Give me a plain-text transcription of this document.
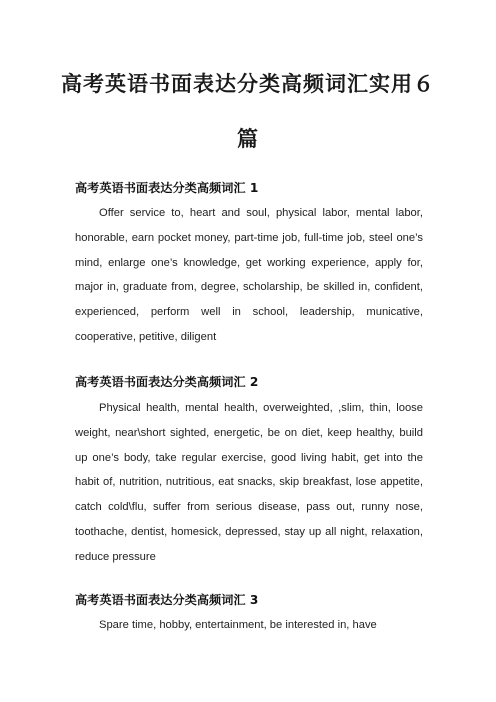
高考英语书面表达分类高频词汇实用６
篇
高考英语书面表达分类高频词汇 1

Offer service to, heart and soul, physical labor, mental labor, honorable, earn pocket money, part-time job, full-time job, steel one’s mind, enlarge one’s knowledge, get working experience, apply for, major in, graduate from, degree, scholarship, be skilled in, confident, experienced, perform well in school, leadership, municative, cooperative, petitive, diligent

高考英语书面表达分类高频词汇 2

Physical health, mental health, overweighted, ,slim, thin, loose weight, near\short sighted, energetic, be on diet, keep healthy, build up one’s body, take regular exercise, good living habit, get into the habit of, nutrition, nutritious, eat snacks, skip breakfast, lose appetite, catch cold\flu, suffer from serious disease, pass out, runny nose, toothache, dentist, homesick, depressed, stay up all night, relaxation, reduce pressure

高考英语书面表达分类高频词汇 3

Spare time, hobby, entertainment, be interested in, have
